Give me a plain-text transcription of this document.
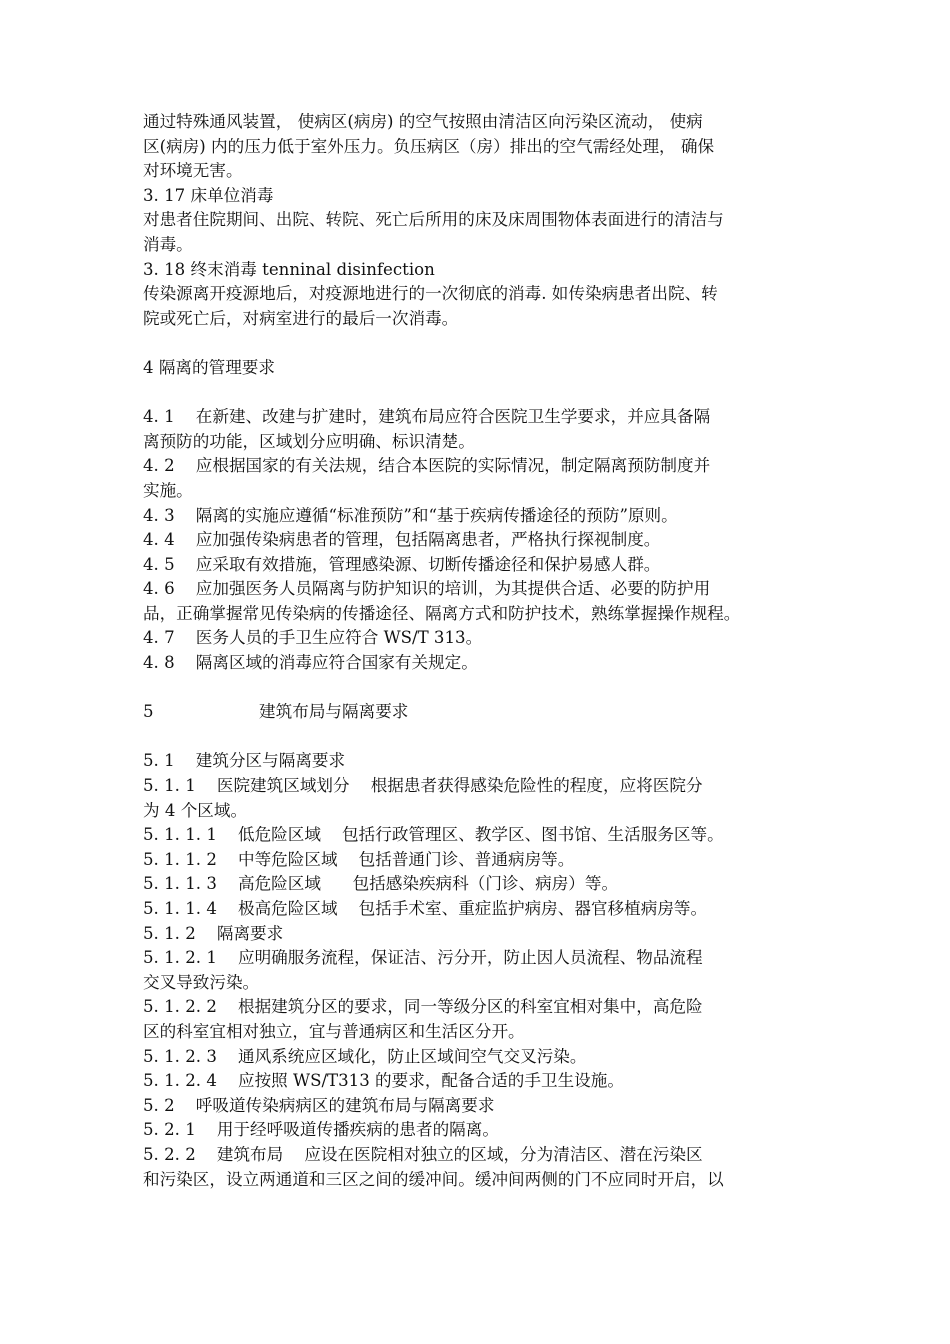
通过特殊通风装置， 使病区(病房) 的空气按照由清洁区向污染区流动， 使病
区(病房) 内的压力低于室外压力。负压病区（房）排出的空气需经处理， 确保
对环境无害。
3. 17 床单位消毒
对患者住院期间、出院、转院、死亡后所用的床及床周围物体表面进行的清洁与
消毒。
3. 18 终末消毒 tenninal disinfection
传染源离开疫源地后，对疫源地进行的一次彻底的消毒. 如传染病患者出院、转
院或死亡后，对病室进行的最后一次消毒。
4 隔离的管理要求
4. 1    在新建、改建与扩建时，建筑布局应符合医院卫生学要求，并应具备隔
离预防的功能，区域划分应明确、标识清楚。
4. 2    应根据国家的有关法规，结合本医院的实际情况，制定隔离预防制度并
实施。
4. 3    隔离的实施应遵循“标准预防”和“基于疾病传播途径的预防”原则。
4. 4    应加强传染病患者的管理，包括隔离患者，严格执行探视制度。
4. 5    应采取有效措施，管理感染源、切断传播途径和保护易感人群。
4. 6    应加强医务人员隔离与防护知识的培训，为其提供合适、必要的防护用
品，正确掌握常见传染病的传播途径、隔离方式和防护技术，熟练掌握操作规程。
4. 7    医务人员的手卫生应符合 WS/T 313。
4. 8    隔离区域的消毒应符合国家有关规定。
5                    建筑布局与隔离要求
5. 1    建筑分区与隔离要求
5. 1. 1    医院建筑区域划分    根据患者获得感染危险性的程度，应将医院分
为 4 个区域。
5. 1. 1. 1    低危险区域    包括行政管理区、教学区、图书馆、生活服务区等。
5. 1. 1. 2    中等危险区域    包括普通门诊、普通病房等。
5. 1. 1. 3    高危险区域      包括感染疾病科（门诊、病房）等。
5. 1. 1. 4    极高危险区域    包括手术室、重症监护病房、器官移植病房等。
5. 1. 2    隔离要求
5. 1. 2. 1    应明确服务流程，保证洁、污分开，防止因人员流程、物品流程
交叉导致污染。
5. 1. 2. 2    根据建筑分区的要求，同一等级分区的科室宜相对集中，高危险
区的科室宜相对独立，宜与普通病区和生活区分开。
5. 1. 2. 3    通风系统应区域化，防止区域间空气交叉污染。
5. 1. 2. 4    应按照 WS/T313 的要求，配备合适的手卫生设施。
5. 2    呼吸道传染病病区的建筑布局与隔离要求
5. 2. 1    用于经呼吸道传播疾病的患者的隔离。
5. 2. 2    建筑布局    应设在医院相对独立的区域，分为清洁区、潜在污染区
和污染区，设立两通道和三区之间的缓冲间。缓冲间两侧的门不应同时开启，以
